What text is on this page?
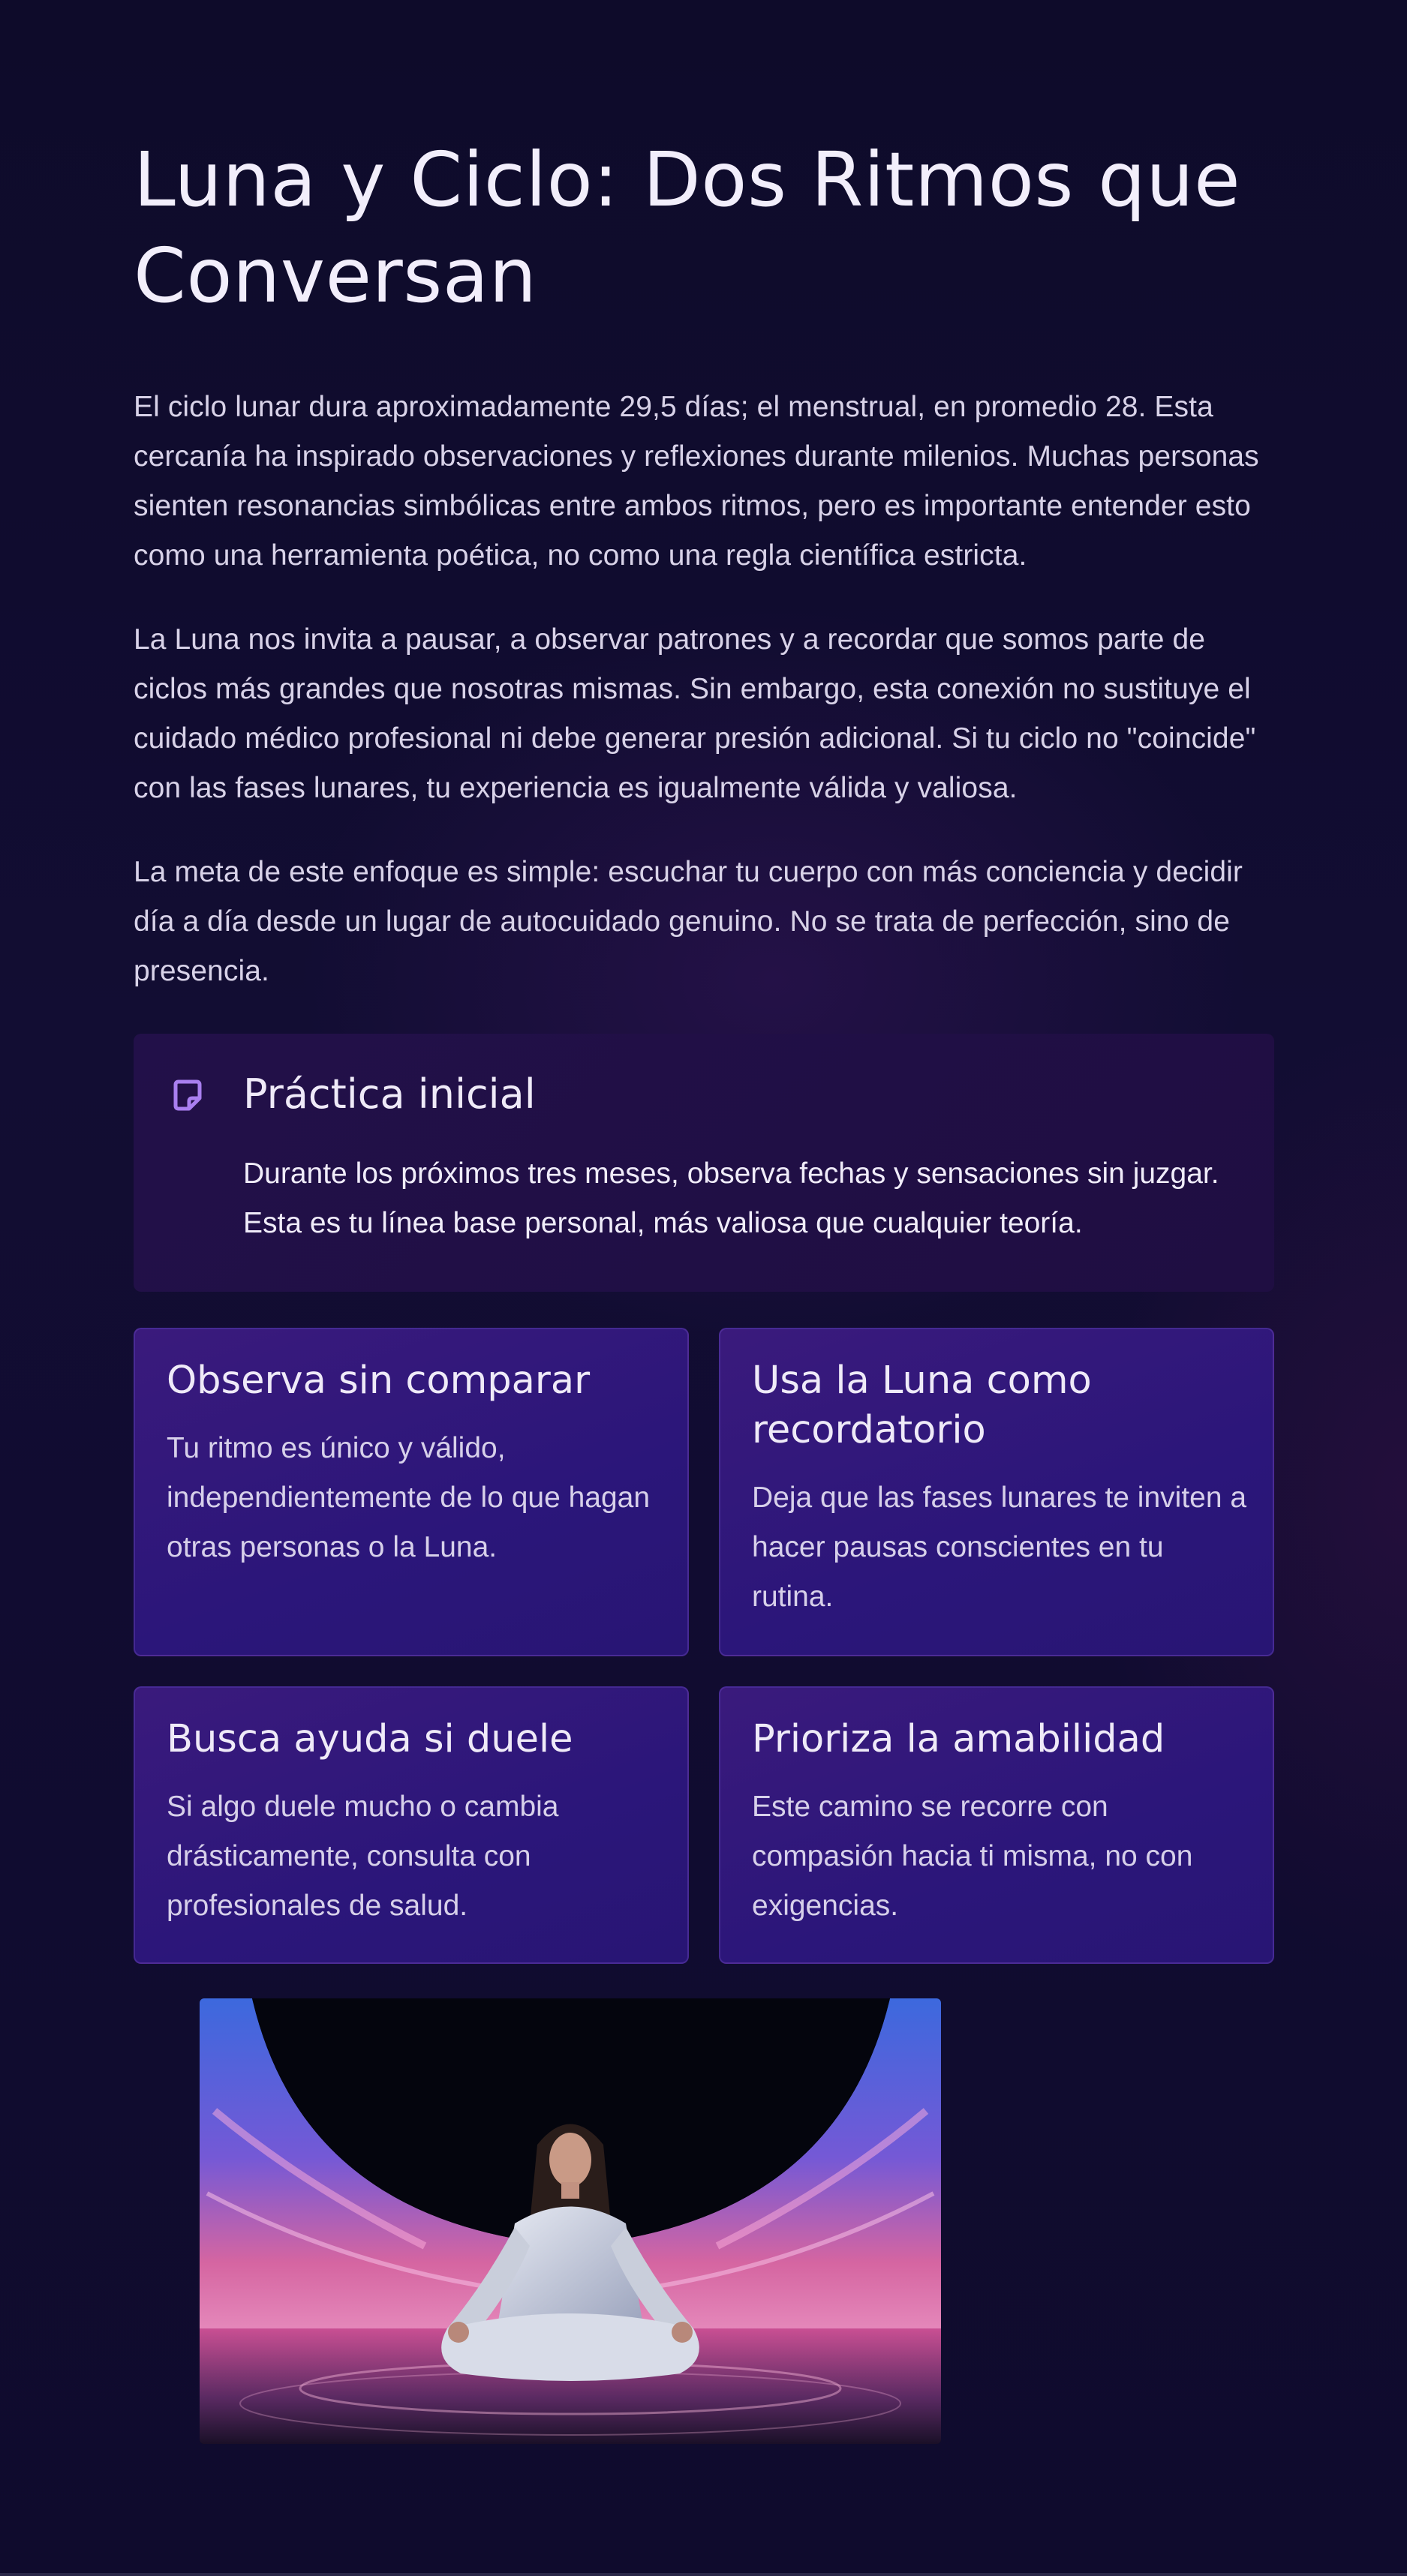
Luna y Ciclo: Dos Ritmos que Conversan

El ciclo lunar dura aproximadamente 29,5 días; el menstrual, en promedio 28. Esta cercanía ha inspirado observaciones y reflexiones durante milenios. Muchas personas sienten resonancias simbólicas entre ambos ritmos, pero es importante entender esto como una herramienta poética, no como una regla científica estricta.

La Luna nos invita a pausar, a observar patrones y a recordar que somos parte de ciclos más grandes que nosotras mismas. Sin embargo, esta conexión no sustituye el cuidado médico profesional ni debe generar presión adicional. Si tu ciclo no "coincide" con las fases lunares, tu experiencia es igualmente válida y valiosa.

La meta de este enfoque es simple: escuchar tu cuerpo con más conciencia y decidir día a día desde un lugar de autocuidado genuino. No se trata de perfección, sino de presencia.

Práctica inicial

Durante los próximos tres meses, observa fechas y sensaciones sin juzgar. Esta es tu línea base personal, más valiosa que cualquier teoría.

Observa sin comparar

Tu ritmo es único y válido, independientemente de lo que hagan otras personas o la Luna.

Usa la Luna como recordatorio

Deja que las fases lunares te inviten a hacer pausas conscientes en tu rutina.

Busca ayuda si duele

Si algo duele mucho o cambia drásticamente, consulta con profesionales de salud.

Prioriza la amabilidad

Este camino se recorre con compasión hacia ti misma, no con exigencias.
